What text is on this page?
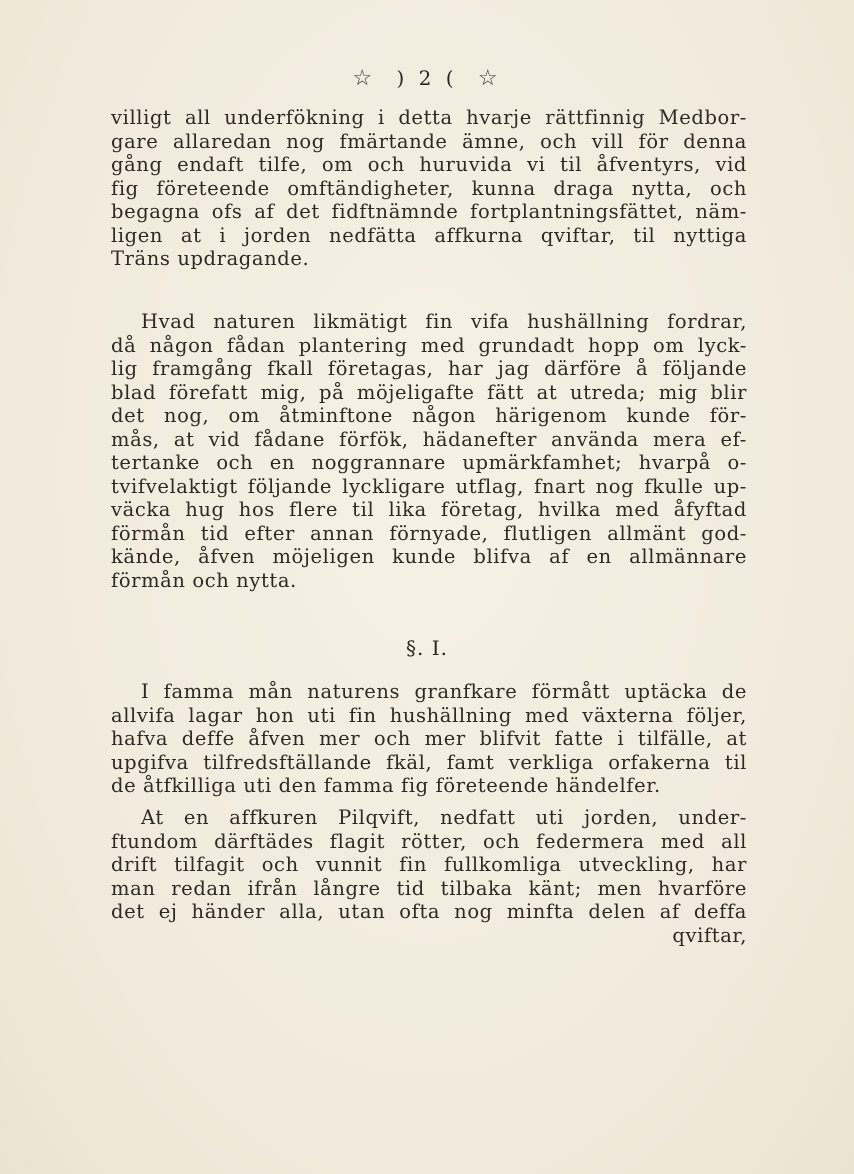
☆ ) 2 ( ☆
villigt all underfökning i detta hvarje rättfinnig Medbor-
gare allaredan nog fmärtande ämne, och vill för denna
gång endaft tilfe, om och huruvida vi til åfventyrs, vid
fig företeende omftändigheter, kunna draga nytta, och
begagna ofs af det fidftnämnde fortplantningsfättet, näm-
ligen at i jorden nedfätta affkurna qviftar, til nyttiga
Träns updragande.
Hvad naturen likmätigt fin vifa hushällning fordrar,
då någon fådan plantering med grundadt hopp om lyck-
lig framgång fkall företagas, har jag därföre å följande
blad förefatt mig, på möjeligafte fätt at utreda; mig blir
det nog, om åtminftone någon härigenom kunde för-
mås, at vid fådane förfök, hädanefter använda mera ef-
tertanke och en noggrannare upmärkfamhet; hvarpå o-
tvifvelaktigt följande lyckligare utflag, fnart nog fkulle up-
väcka hug hos flere til lika företag, hvilka med åfyftad
förmån tid efter annan förnyade, flutligen allmänt god-
kände, åfven möjeligen kunde blifva af en allmännare
förmån och nytta.
§. I.
I famma mån naturens granfkare förmått uptäcka de
allvifa lagar hon uti fin hushällning med växterna följer,
hafva deffe åfven mer och mer blifvit fatte i tilfälle, at
upgifva tilfredsftällande fkäl, famt verkliga orfakerna til
de åtfkilliga uti den famma fig företeende händelfer.
At en affkuren Pilqvift, nedfatt uti jorden, under-
ftundom därftädes flagit rötter, och federmera med all
drift tilfagit och vunnit fin fullkomliga utveckling, har
man redan ifrån långre tid tilbaka känt; men hvarföre
det ej händer alla, utan ofta nog minfta delen af deffa
qviftar,
